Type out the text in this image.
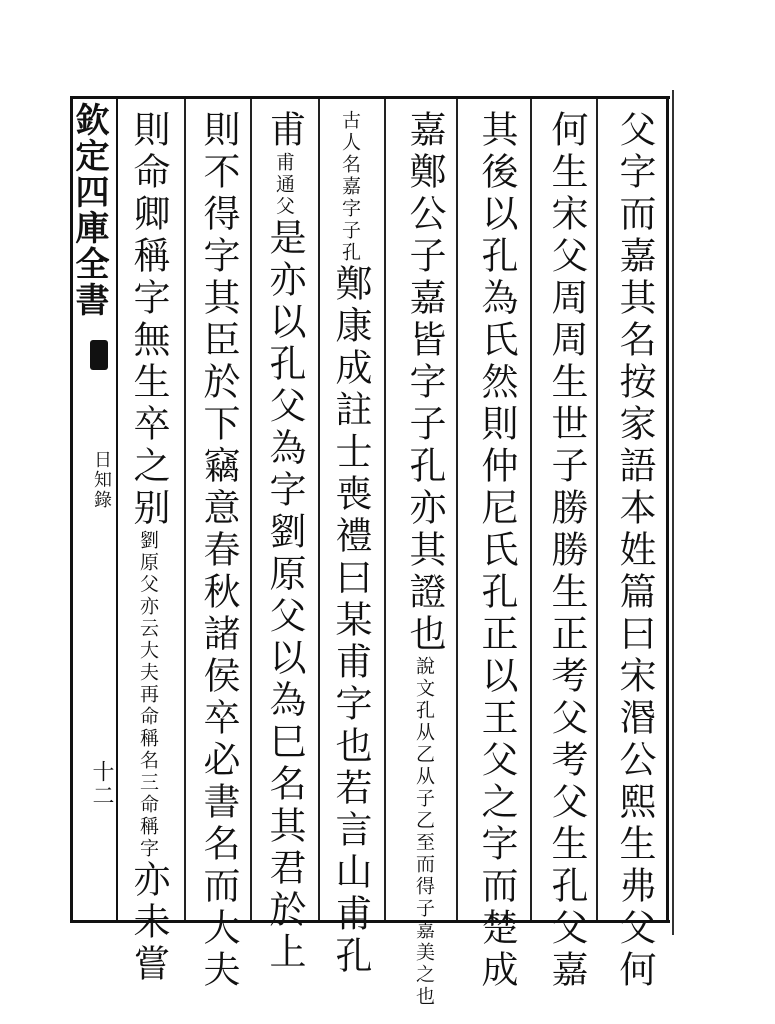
欽定四庫全書
日知錄
十二	父字而嘉其名按家語本姓篇曰宋湣公熙生弗父何
何生宋父周周生世子勝勝生正考父考父生孔父嘉
其後以孔為氏然則仲尼氏孔正以王父之字而楚成
嘉鄭公子嘉皆字子孔亦其證也說文孔从乙从子乙至而得子嘉美之也
古人名嘉字子孔鄭康成註士喪禮曰某甫字也若言山甫孔
甫甫通父是亦以孔父為字劉原父以為巳名其君於上
則不得字其臣於下竊意春秋諸侯卒必書名而大夫
則命卿稱字無生卒之别劉原父亦云大夫再命稱名三命稱字亦未嘗
